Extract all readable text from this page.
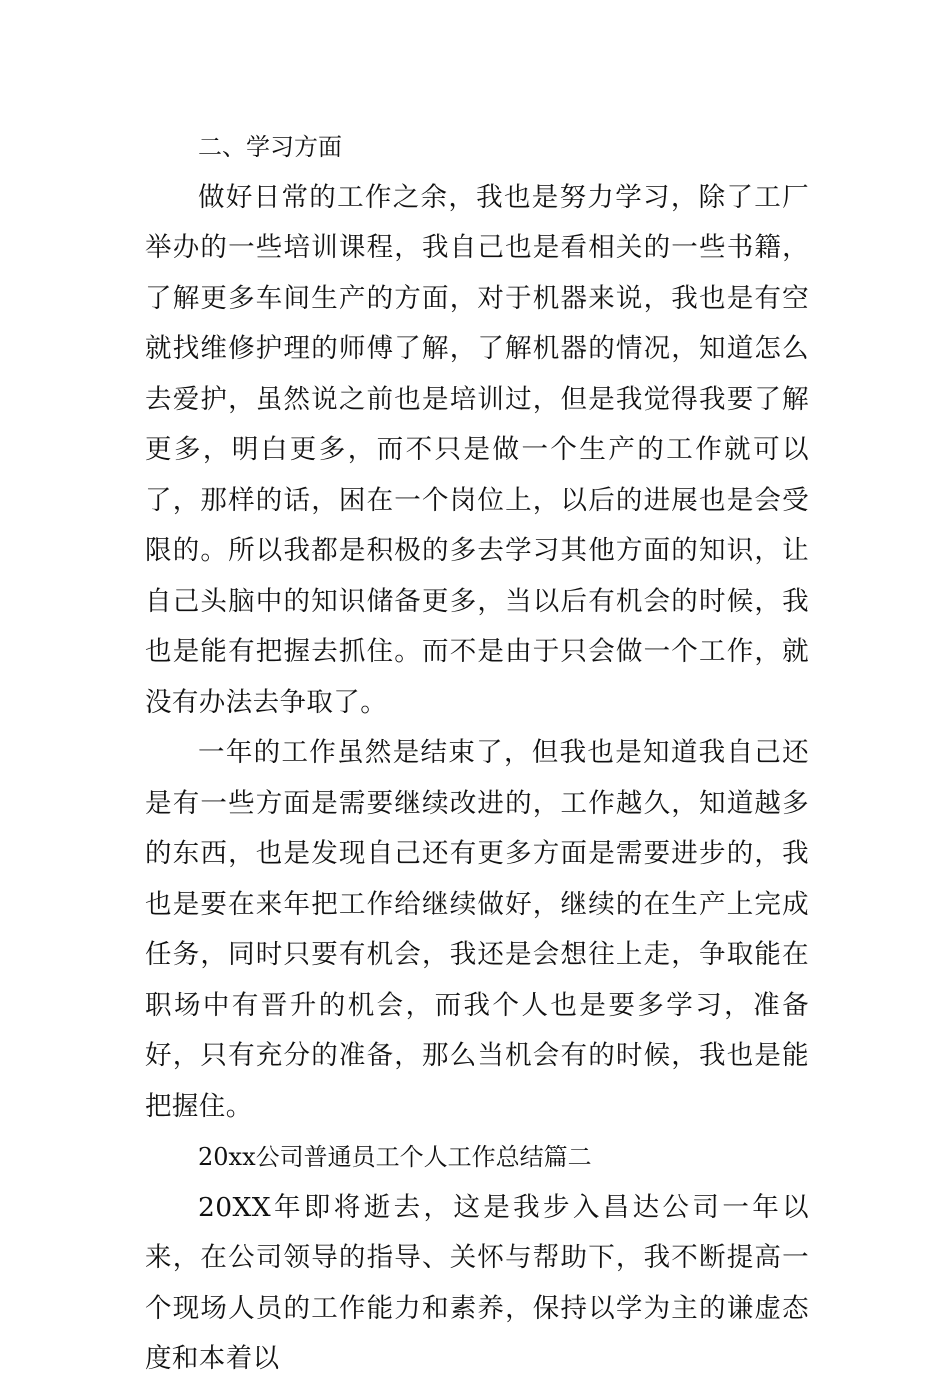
二、学习方面

做好日常的工作之余，我也是努力学习，除了工厂举办的一些培训课程，我自己也是看相关的一些书籍，了解更多车间生产的方面，对于机器来说，我也是有空就找维修护理的师傅了解，了解机器的情况，知道怎么去爱护，虽然说之前也是培训过，但是我觉得我要了解更多，明白更多，而不只是做一个生产的工作就可以了，那样的话，困在一个岗位上，以后的进展也是会受限的。所以我都是积极的多去学习其他方面的知识，让自己头脑中的知识储备更多，当以后有机会的时候，我也是能有把握去抓住。而不是由于只会做一个工作，就没有办法去争取了。

一年的工作虽然是结束了，但我也是知道我自己还是有一些方面是需要继续改进的，工作越久，知道越多的东西，也是发现自己还有更多方面是需要进步的，我也是要在来年把工作给继续做好，继续的在生产上完成任务，同时只要有机会，我还是会想往上走，争取能在职场中有晋升的机会，而我个人也是要多学习，准备好，只有充分的准备，那么当机会有的时候，我也是能把握住。

20xx公司普通员工个人工作总结篇二

20XX年即将逝去，这是我步入昌达公司一年以来，在公司领导的指导、关怀与帮助下，我不断提高一个现场人员的工作能力和素养，保持以学为主的谦虚态度和本着以
